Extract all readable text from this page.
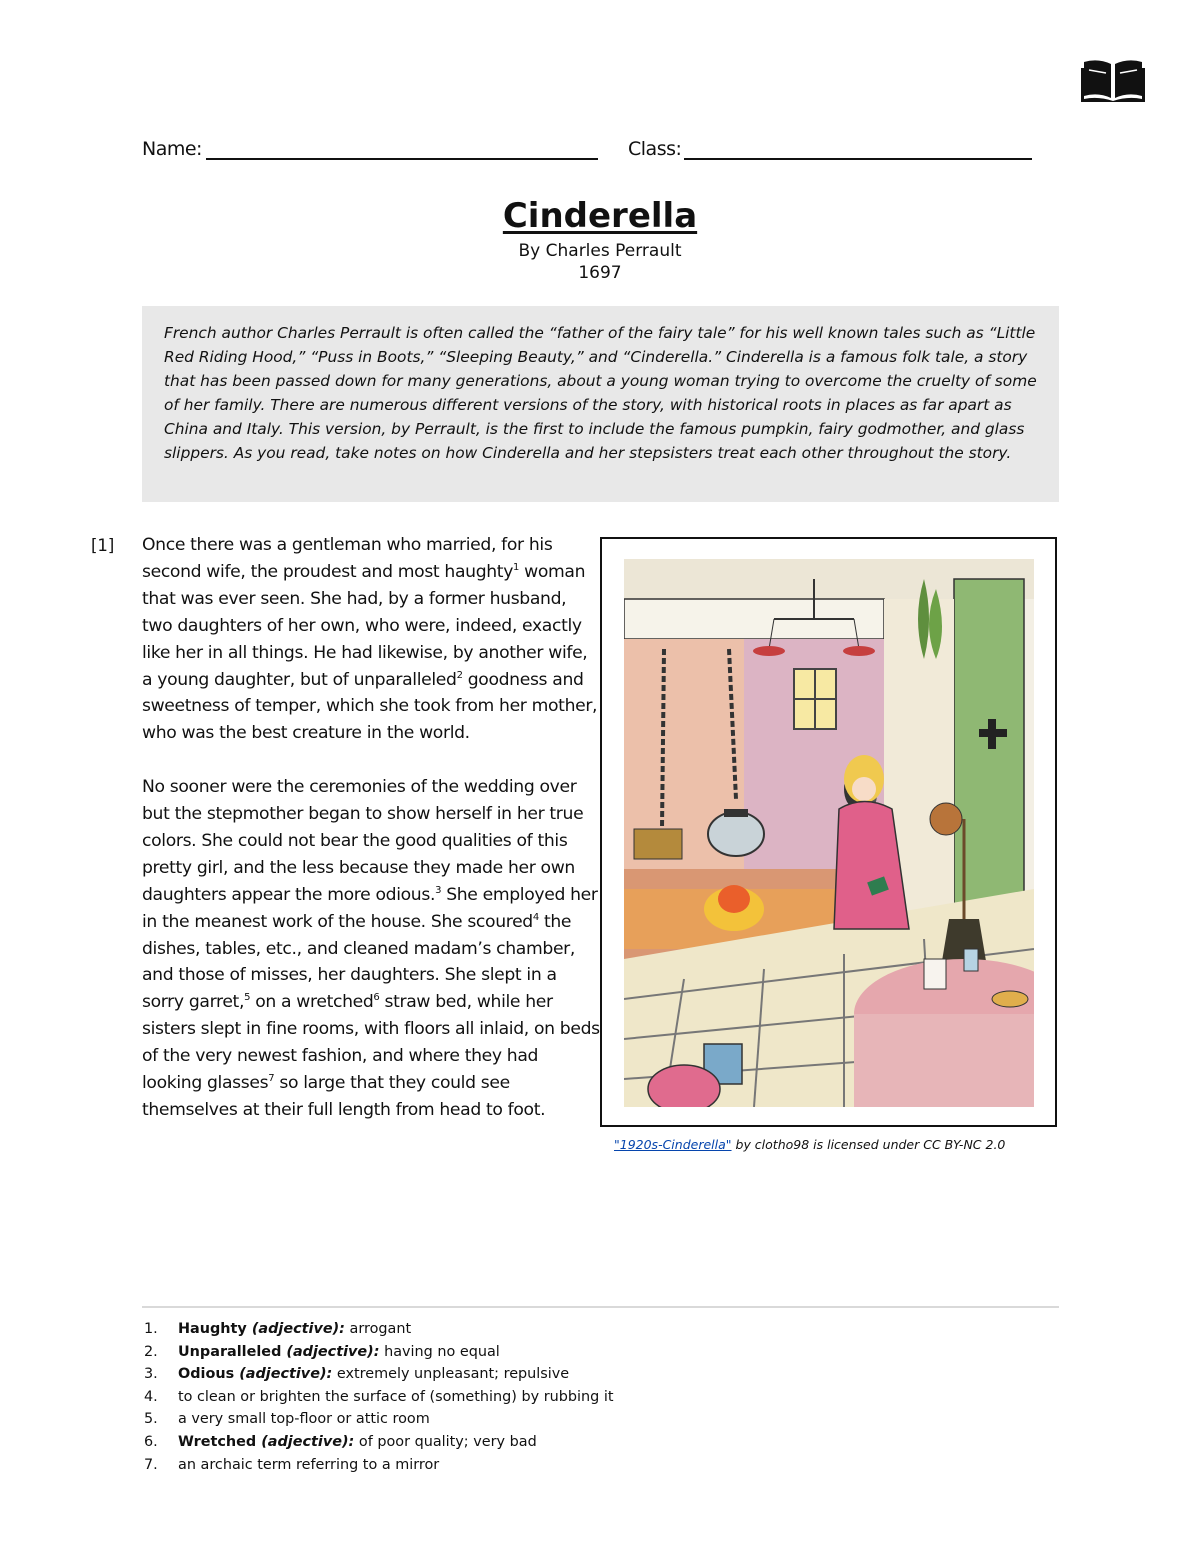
Name:	Class:
Cinderella
By Charles Perrault
1697

French author Charles Perrault is often called the “father of the fairy tale” for his well known tales such as “Little Red Riding Hood,” “Puss in Boots,” “Sleeping Beauty,” and “Cinderella.” Cinderella is a famous folk tale, a story that has been passed down for many generations, about a young woman trying to overcome the cruelty of some of her family. There are numerous different versions of the story, with historical roots in places as far apart as China and Italy. This version, by Perrault, is the first to include the famous pumpkin, fairy godmother, and glass slippers. As you read, take notes on how Cinderella and her stepsisters treat each other throughout the story.

[1] Once there was a gentleman who married, for his second wife, the proudest and most haughty$^1$ woman that was ever seen. She had, by a former husband, two daughters of her own, who were, indeed, exactly like her in all things. He had likewise, by another wife, a young daughter, but of unparalleled$^2$ goodness and sweetness of temper, which she took from her mother, who was the best creature in the world.

No sooner were the ceremonies of the wedding over but the stepmother began to show herself in her true colors. She could not bear the good qualities of this pretty girl, and the less because they made her own daughters appear the more odious.$^3$ She employed her in the meanest work of the house. She scoured$^4$ the dishes, tables, etc., and cleaned madam’s chamber, and those of misses, her daughters. She slept in a sorry garret,$^5$ on a wretched$^6$ straw bed, while her sisters slept in fine rooms, with floors all inlaid, on beds of the very newest fashion, and where they had looking glasses$^7$ so large that they could see themselves at their full length from head to foot.

"1920s-Cinderella" by clotho98 is licensed under CC BY-NC 2.0
1. Haughty (adjective): arrogant
2. Unparalleled (adjective): having no equal
3. Odious (adjective): extremely unpleasant; repulsive
4. to clean or brighten the surface of (something) by rubbing it
5. a very small top-floor or attic room
6. Wretched (adjective): of poor quality; very bad
7. an archaic term referring to a mirror
